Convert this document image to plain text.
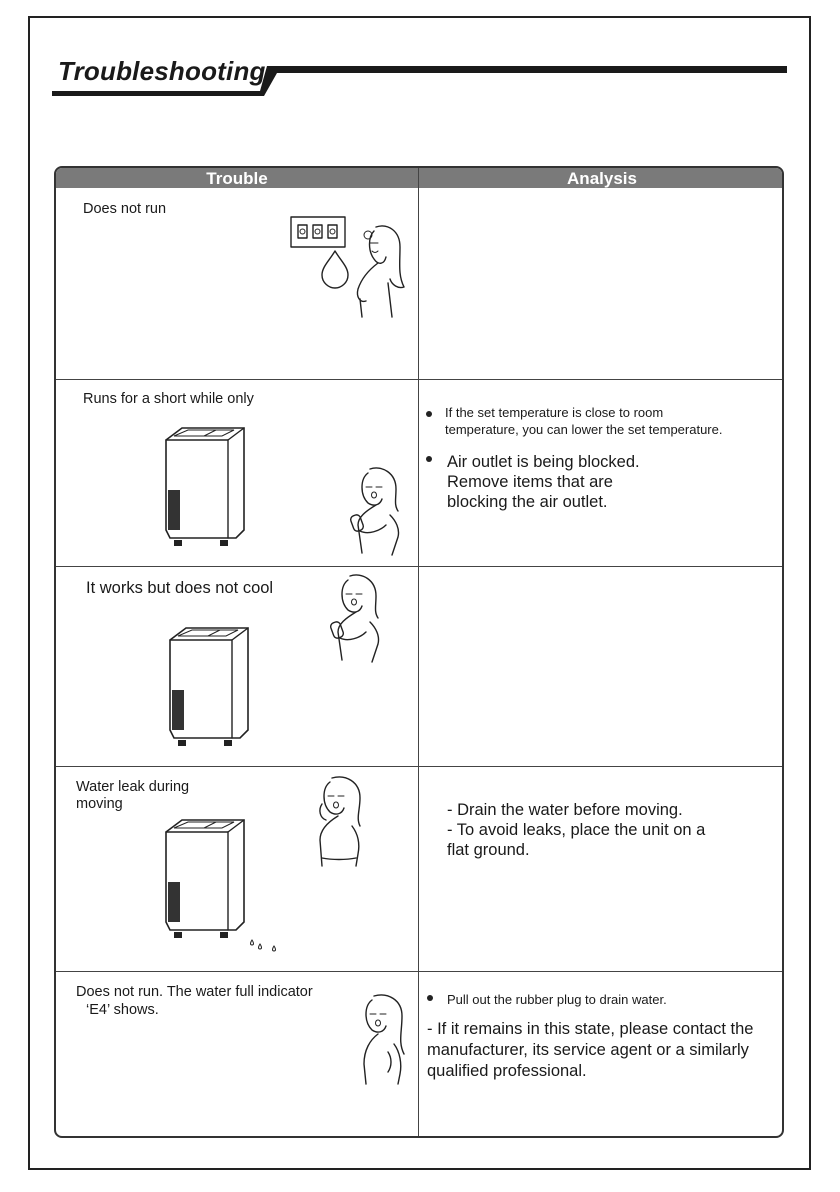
Troubleshooting
Trouble	Analysis
Does not run
Runs for a short while only
If the set temperature is close to room
temperature, you can lower the set temperature.
Air outlet is being blocked.
Remove items that are
blocking the air outlet.
It works but does not cool
Water leak during
moving	- Drain the water before moving.
- To avoid leaks, place the unit on a
flat ground.
Does not run. The water full indicator
‘E4’ shows.
Pull out the rubber plug to drain water.
- If it remains in this state, please contact the
manufacturer, its service agent or a similarly
qualified professional.
